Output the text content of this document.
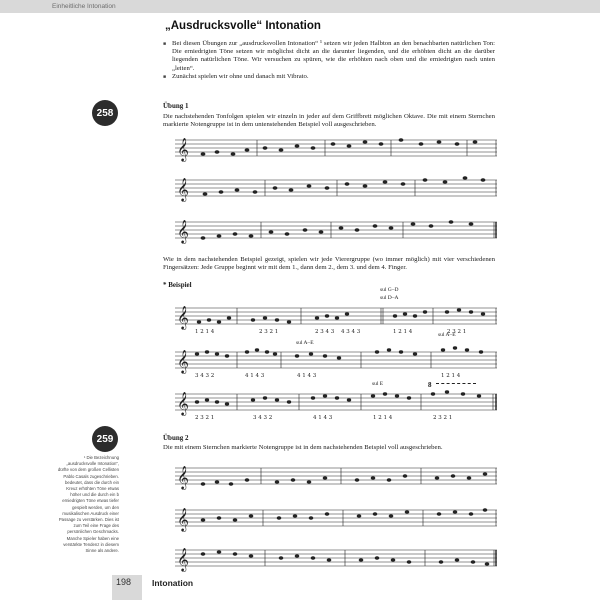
Einheitliche Intonation
„Ausdrucksvolle“ Intonation
■ Bei diesen Übungen zur „ausdrucksvollen Intonation“ ¹ setzen wir jeden Halbton an den benachbarten natürlichen Ton: Die erniedrigten Töne setzen wir möglichst dicht an die darunter liegenden, und die erhöhten dicht an die darüber liegenden natürlichen Töne. Wir versuchen zu spüren, wie die erhöhten nach oben und die erniedrigten nach unten „leiten“.
■ Zunächst spielen wir ohne und danach mit Vibrato.
258
Übung 1
Die nachstehenden Tonfolgen spielen wir einzeln in jeder auf dem Griffbrett möglichen Oktave. Die mit einem Sternchen markierte Notengruppe ist in dem untenstehenden Beispiel voll ausgeschrieben.
𝄞
𝄞
𝄞
Wie in dem nachstehenden Beispiel gezeigt, spielen wir jede Vierergruppe (wo immer möglich) mit vier verschiedenen Fingersätzen: Jede Gruppe beginnt wir mit dem 1., dann dem 2., dem 3. und dem 4. Finger.
* Beispiel
sul G–D
sul D–A
𝄞
1 2 1 4	2 3 2 1	2 3 4 3 4 3 4 3	1 2 1 4	2 3 2 1
sul A–E
sul A–E
𝄞
3 4 3 2	4 1 4 3	4 1 4 3	1 2 1 4
sul E	8
𝄞
2 3 2 1	3 4 3 2	4 1 4 3	1 2 1 4	2 3 2 1
259	Übung 2
Die mit einem Sternchen markierte Notengruppe ist in dem nachstehenden Beispiel voll ausgeschrieben.
𝄞
𝄞
𝄞
¹ Die Bezeichnung „ausdrucksvolle Intonation“, dürfte von dem großen Cellisten Pablo Casals zugeschrieben. bedeutet, dass die durch ein Kreuz erhöhten Töne etwas höher und die durch ein b erniedrigten Töne etwas tiefer gespielt werden, um den musikalischen Ausdruck einer Passage zu verstärken. Dies ist zum Teil eine Frage des persönlichen Geschmacks. Manche Spieler haben eine verstärkte Tendenz in diesem Sinne als andere.
198 Intonation
